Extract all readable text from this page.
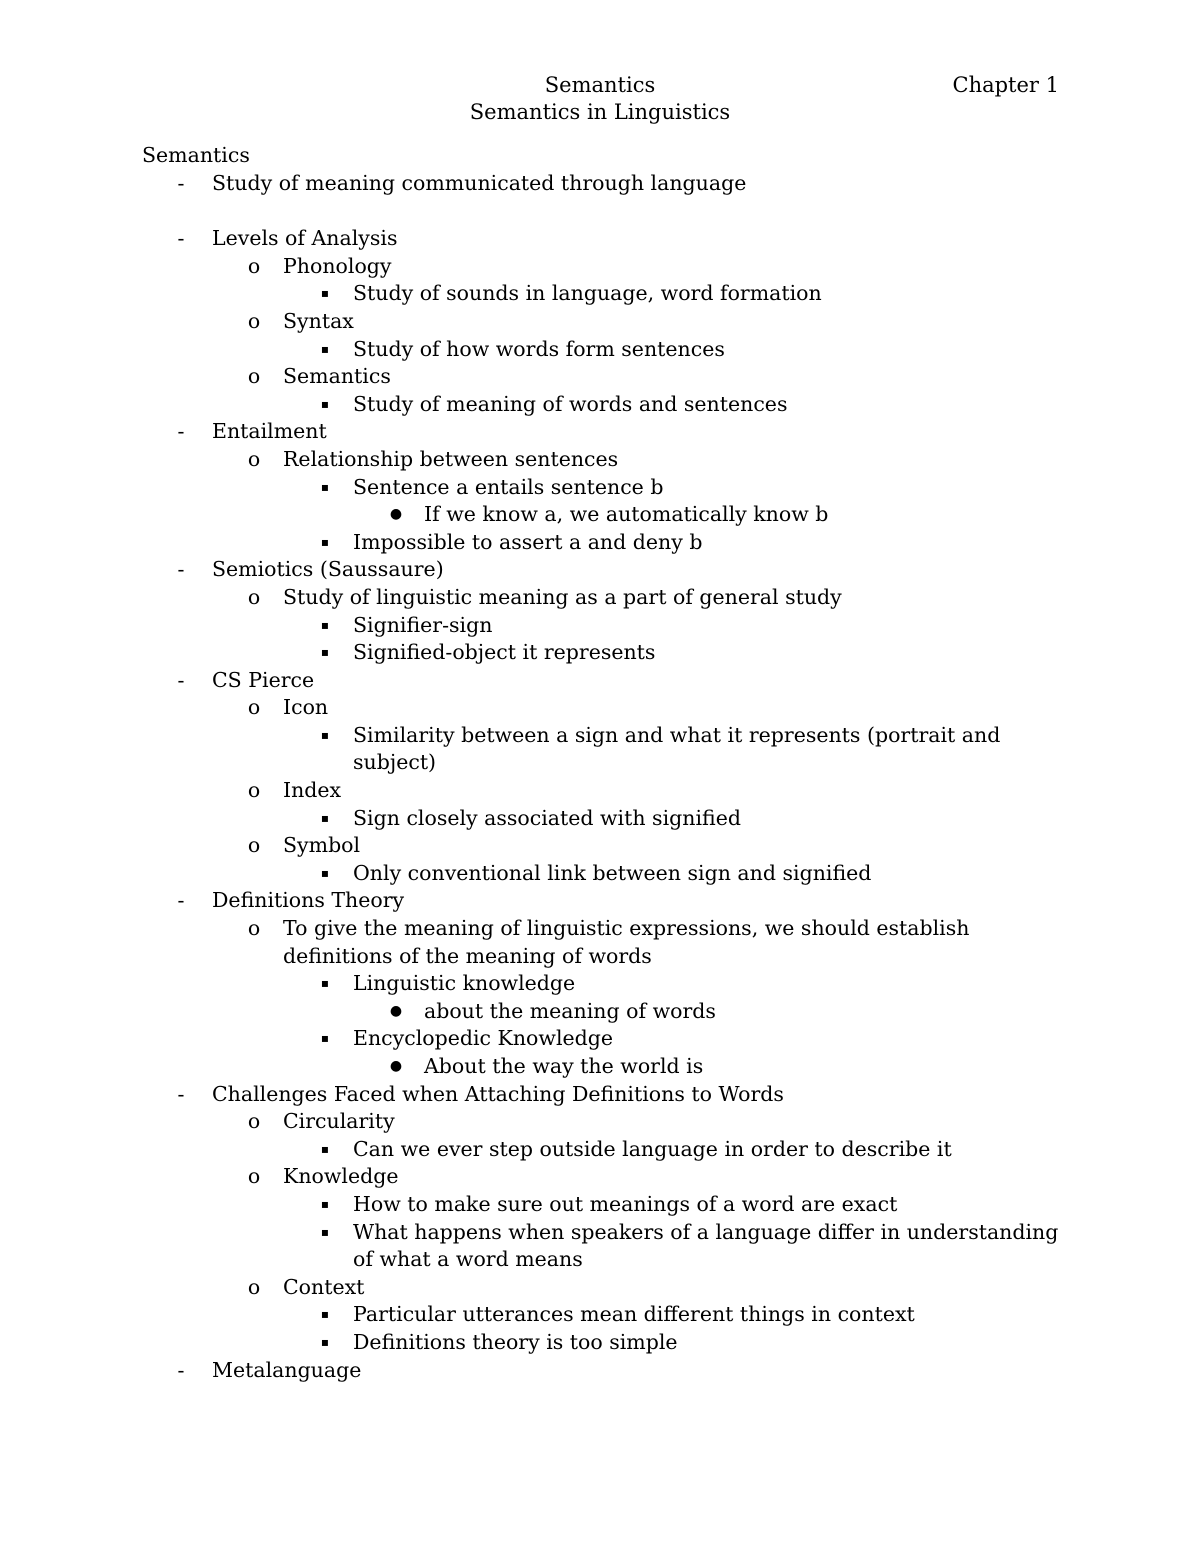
Semantics	Chapter 1
Semantics in Linguistics
Semantics
- Study of meaning communicated through language
- Levels of Analysis
o Phonology
▪ Study of sounds in language, word formation
o Syntax
▪ Study of how words form sentences
o Semantics
▪ Study of meaning of words and sentences
- Entailment
o Relationship between sentences
▪ Sentence a entails sentence b
● If we know a, we automatically know b
▪ Impossible to assert a and deny b
- Semiotics (Saussaure)
o Study of linguistic meaning as a part of general study
▪ Signifier-sign
▪ Signified-object it represents
- CS Pierce
o Icon
▪ Similarity between a sign and what it represents (portrait and subject)
o Index
▪ Sign closely associated with signified
o Symbol
▪ Only conventional link between sign and signified
- Definitions Theory
o To give the meaning of linguistic expressions, we should establish definitions of the meaning of words
▪ Linguistic knowledge
● about the meaning of words
▪ Encyclopedic Knowledge
● About the way the world is
- Challenges Faced when Attaching Definitions to Words
o Circularity
▪ Can we ever step outside language in order to describe it
o Knowledge
▪ How to make sure out meanings of a word are exact
▪ What happens when speakers of a language differ in understanding of what a word means
o Context
▪ Particular utterances mean different things in context
▪ Definitions theory is too simple
- Metalanguage
